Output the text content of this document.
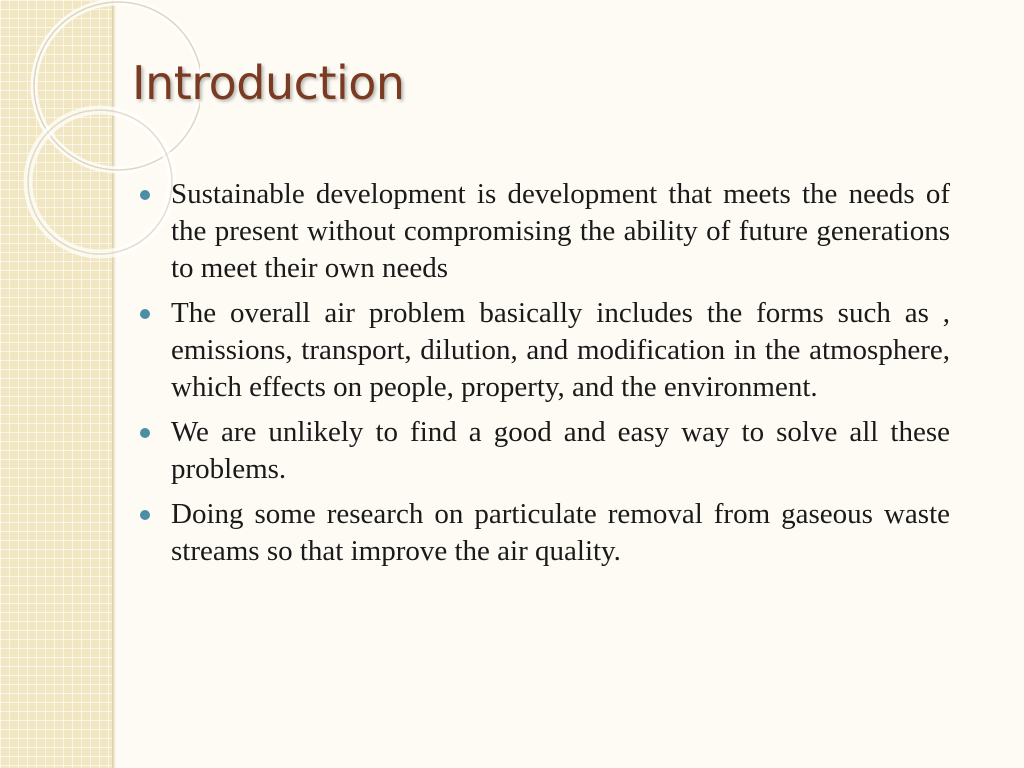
Introduction
Sustainable development is development that meets the needs of the present without compromising the ability of future generations to meet their own needs
The overall air problem basically includes the forms such as , emissions, transport, dilution, and modification in the atmosphere, which effects on people, property, and the environment.
We are unlikely to find a good and easy way to solve all these problems.
Doing some research on particulate removal from gaseous waste streams so that improve the air quality.
